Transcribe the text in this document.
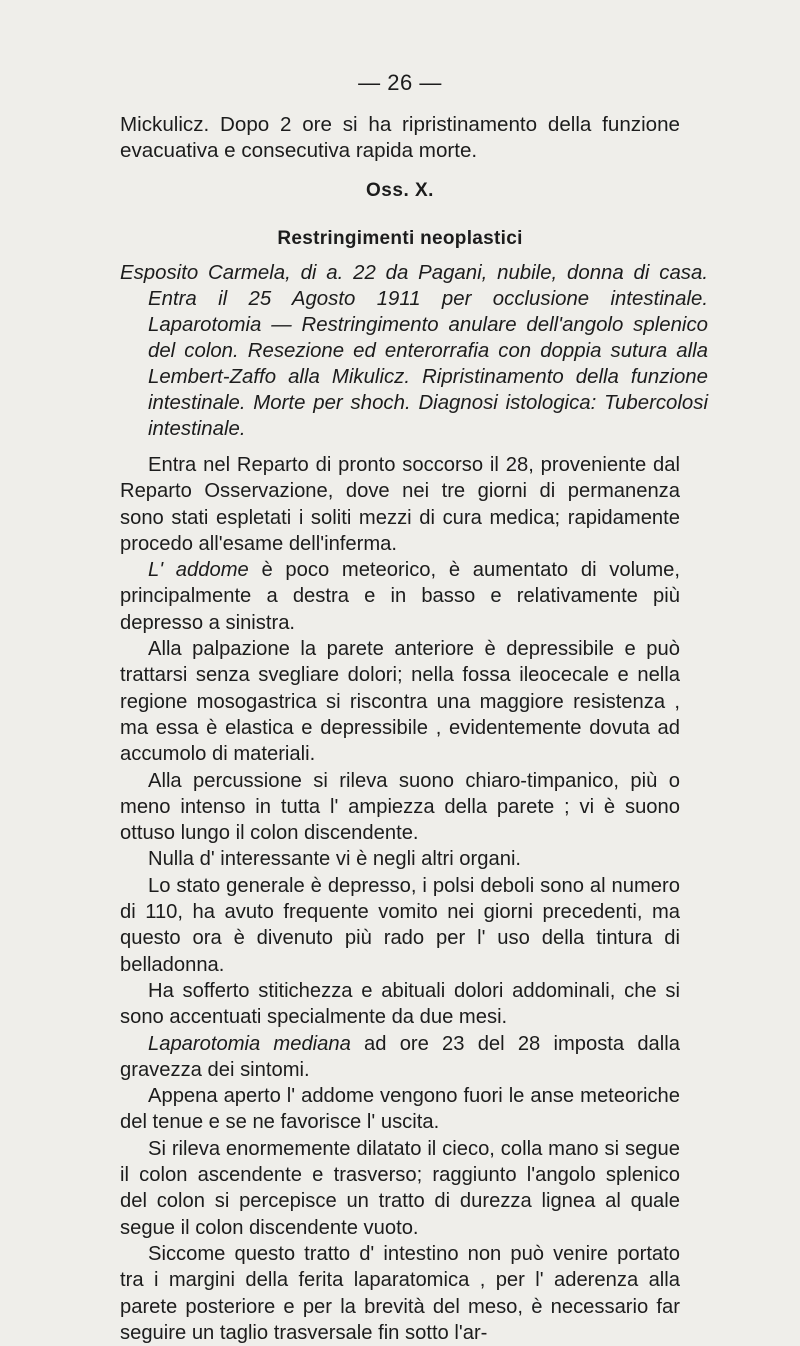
— 26 —

Mickulicz. Dopo 2 ore si ha ripristinamento della funzione evacuativa e consecutiva rapida morte.

Oss. X.
Restringimenti neoplastici

Esposito Carmela, di a. 22 da Pagani, nubile, donna di casa. Entra il 25 Agosto 1911 per occlusione intestinale. Laparotomia — Restringimento anulare dell'angolo splenico del colon. Resezione ed enterorrafia con doppia sutura alla Lembert-Zaffo alla Mikulicz. Ripristinamento della funzione intestinale. Morte per shoch. Diagnosi istologica: Tubercolosi intestinale.

Entra nel Reparto di pronto soccorso il 28, proveniente dal Reparto Osservazione, dove nei tre giorni di permanenza sono stati espletati i soliti mezzi di cura medica; rapidamente procedo all'esame dell'inferma.

L' addome è poco meteorico, è aumentato di volume, principalmente a destra e in basso e relativamente più depresso a sinistra.

Alla palpazione la parete anteriore è depressibile e può trattarsi senza svegliare dolori; nella fossa ileocecale e nella regione mosogastrica si riscontra una maggiore resistenza , ma essa è elastica e depressibile , evidentemente dovuta ad accumolo di materiali.

Alla percussione si rileva suono chiaro-timpanico, più o meno intenso in tutta l' ampiezza della parete ; vi è suono ottuso lungo il colon discendente.

Nulla d' interessante vi è negli altri organi.

Lo stato generale è depresso, i polsi deboli sono al numero di 110, ha avuto frequente vomito nei giorni precedenti, ma questo ora è divenuto più rado per l' uso della tintura di belladonna.

Ha sofferto stitichezza e abituali dolori addominali, che si sono accentuati specialmente da due mesi.

Laparotomia mediana ad ore 23 del 28 imposta dalla gravezza dei sintomi.

Appena aperto l' addome vengono fuori le anse meteoriche del tenue e se ne favorisce l' uscita.

Si rileva enormemente dilatato il cieco, colla mano si segue il colon ascendente e trasverso; raggiunto l'angolo splenico del colon si percepisce un tratto di durezza lignea al quale segue il colon discendente vuoto.

Siccome questo tratto d' intestino non può venire portato tra i margini della ferita laparatomica , per l' aderenza alla parete posteriore e per la brevità del meso, è necessario far seguire un taglio trasversale fin sotto l'ar-
